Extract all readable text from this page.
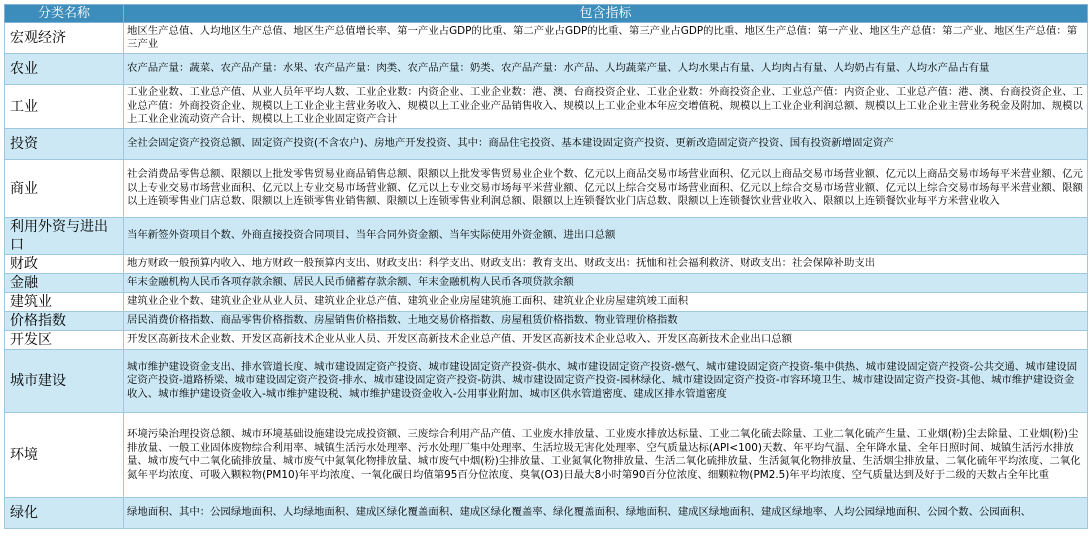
分类名称	包含指标
宏观经济	地区生产总值、人均地区生产总值、地区生产总值增长率、第一产业占GDP的比重、第二产业占GDP的比重、第三产业占GDP的比重、地区生产总值：第一产业、地区生产总值：第二产业、地区生产总值：第三产业
农业	农产品产量：蔬菜、农产品产量：水果、农产品产量：肉类、农产品产量：奶类、农产品产量：水产品、人均蔬菜产量、人均水果占有量、人均肉占有量、人均奶占有量、人均水产品占有量
工业	工业企业数、工业总产值、从业人员年平均人数、工业企业数：内资企业、工业企业数：港、澳、台商投资企业、工业企业数：外商投资企业、工业总产值：内资企业、工业总产值：港、澳、台商投资企业、工业总产值：外商投资企业、规模以上工业企业主营业务收入、规模以上工业企业产品销售收入、规模以上工业企业本年应交增值税、规模以上工业企业利润总额、规模以上工业企业主营业务税金及附加、规模以上工业企业流动资产合计、规模以上工业企业固定资产合计
投资	全社会固定资产投资总额、固定资产投资(不含农户)、房地产开发投资、其中：商品住宅投资、基本建设固定资产投资、更新改造固定资产投资、国有投资新增固定资产
商业	社会消费品零售总额、限额以上批发零售贸易业商品销售总额、限额以上批发零售贸易业企业个数、亿元以上商品交易市场营业面积、亿元以上商品交易市场营业额、亿元以上商品交易市场每平米营业额、亿元以上专业交易市场营业面积、亿元以上专业交易市场营业额、亿元以上专业交易市场每平米营业额、亿元以上综合交易市场营业面积、亿元以上综合交易市场营业额、亿元以上综合交易市场每平米营业额、限额以上连锁零售业门店总数、限额以上连锁零售业销售额、限额以上连锁零售业利润总额、限额以上连锁餐饮业门店总数、限额以上连锁餐饮业营业收入、限额以上连锁餐饮业每平方米营业收入
利用外资与进出口	当年新签外资项目个数、外商直接投资合同项目、当年合同外资金额、当年实际使用外资金额、进出口总额
财政	地方财政一般预算内收入、地方财政一般预算内支出、财政支出：科学支出、财政支出：教育支出、财政支出：抚恤和社会福利救济、财政支出：社会保障补助支出
金融	年末金融机构人民币各项存款余额、居民人民币储蓄存款余额、年末金融机构人民币各项贷款余额
建筑业	建筑业企业个数、建筑业企业从业人员、建筑业企业总产值、建筑业企业房屋建筑施工面积、建筑业企业房屋建筑竣工面积
价格指数	居民消费价格指数、商品零售价格指数、房屋销售价格指数、土地交易价格指数、房屋租赁价格指数、物业管理价格指数
开发区	开发区高新技术企业数、开发区高新技术企业从业人员、开发区高新技术企业总产值、开发区高新技术企业总收入、开发区高新技术企业出口总额
城市建设	城市维护建设资金支出、排水管道长度、城市建设固定资产投资、城市建设固定资产投资-供水、城市建设固定资产投资-燃气、城市建设固定资产投资-集中供热、城市建设固定资产投资-公共交通、城市建设固定资产投资-道路桥梁、城市建设固定资产投资-排水、城市建设固定资产投资-防洪、城市建设固定资产投资-园林绿化、城市建设固定资产投资-市容环境卫生、城市建设固定资产投资-其他、城市维护建设资金收入、城市维护建设资金收入-城市维护建设税、城市维护建设资金收入-公用事业附加、城市区供水管道密度、建成区排水管道密度
环境	环境污染治理投资总额、城市环境基础设施建设完成投资额、三废综合利用产品产值、工业废水排放量、工业废水排放达标量、工业二氧化硫去除量、工业二氧化硫产生量、工业烟(粉)尘去除量、工业烟(粉)尘排放量、一般工业固体废物综合利用率、城镇生活污水处理率、污水处理厂集中处理率、生活垃圾无害化处理率、空气质量达标(API<100)天数、年平均气温、全年降水量、全年日照时间、城镇生活污水排放量、城市废气中二氧化硫排放量、城市废气中氮氧化物排放量、城市废气中烟(粉)尘排放量、工业氮氧化物排放量、生活二氧化硫排放量、生活氮氧化物排放量、生活烟尘排放量、二氧化硫年平均浓度、二氧化氮年平均浓度、可吸入颗粒物(PM10)年平均浓度、一氧化碳日均值第95百分位浓度、臭氧(O3)日最大8小时第90百分位浓度、细颗粒物(PM2.5)年平均浓度、空气质量达到及好于二级的天数占全年比重
绿化	绿地面积、其中：公园绿地面积、人均绿地面积、建成区绿化覆盖面积、建成区绿化覆盖率、绿化覆盖面积、绿地面积、建成区绿地面积、建成区绿地率、人均公园绿地面积、公园个数、公园面积、
